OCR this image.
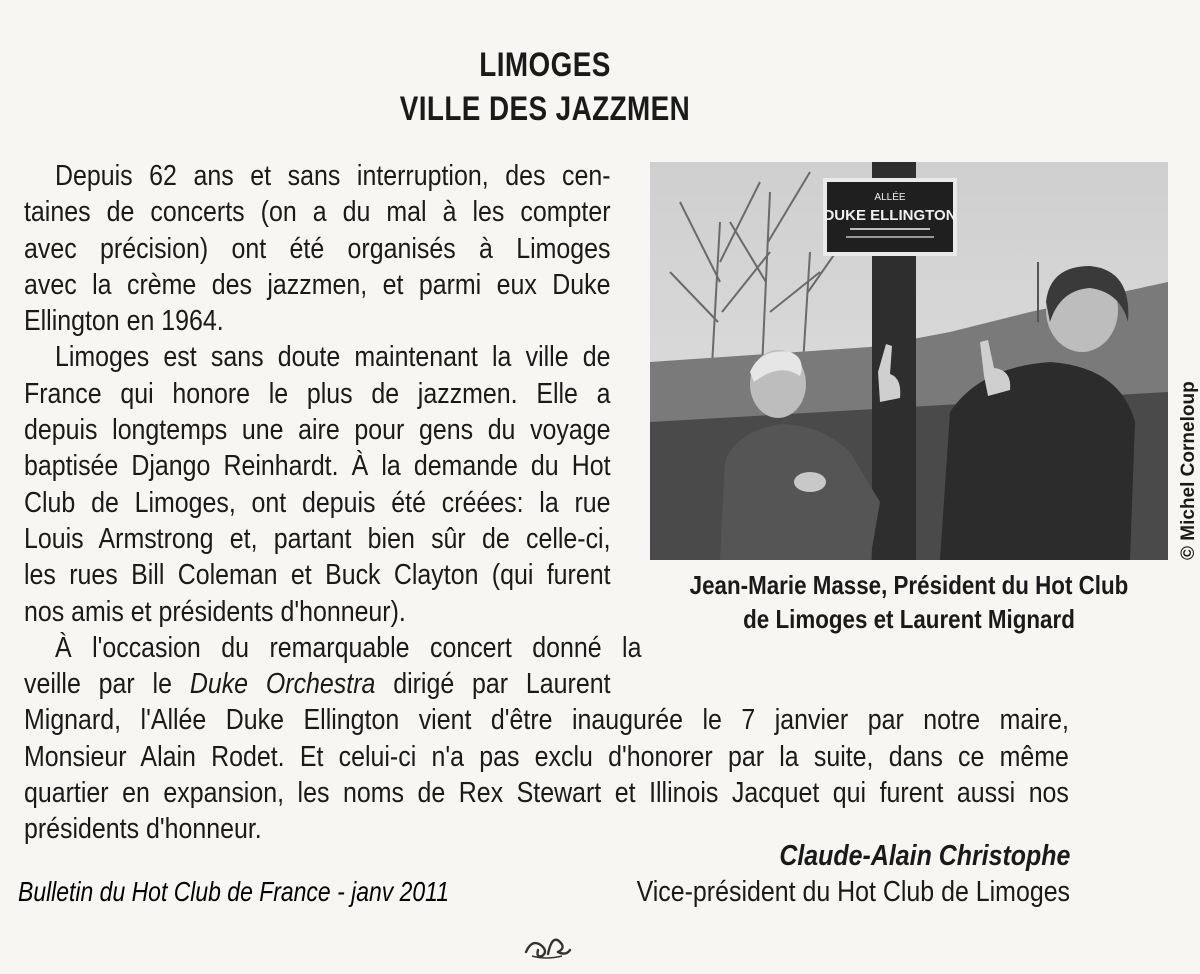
LIMOGES
VILLE DES JAZZMEN
Depuis 62 ans et sans interruption, des cen-
taines de concerts (on a du mal à les compter
avec précision) ont été organisés à Limoges
avec la crème des jazzmen, et parmi eux Duke
Ellington en 1964.
Limoges est sans doute maintenant la ville de
France qui honore le plus de jazzmen. Elle a
depuis longtemps une aire pour gens du voyage
baptisée Django Reinhardt. À la demande du Hot
Club de Limoges, ont depuis été créées: la rue
Louis Armstrong et, partant bien sûr de celle-ci,
les rues Bill Coleman et Buck Clayton (qui furent
nos amis et présidents d'honneur).
À l'occasion du remarquable concert donné la
veille par le Duke Orchestra dirigé par Laurent
Mignard, l'Allée Duke Ellington vient d'être inaugurée le 7 janvier par notre maire,
Monsieur Alain Rodet. Et celui-ci n'a pas exclu d'honorer par la suite, dans ce même
quartier en expansion, les noms de Rex Stewart et Illinois Jacquet qui furent aussi nos
présidents d'honneur.
ALLÉE
DUKE ELLINGTON
Jean-Marie Masse, Président du Hot Club
de Limoges et Laurent Mignard
© Michel Corneloup
Claude-Alain Christophe
Vice-président du Hot Club de Limoges
Bulletin du Hot Club de France - janv 2011
